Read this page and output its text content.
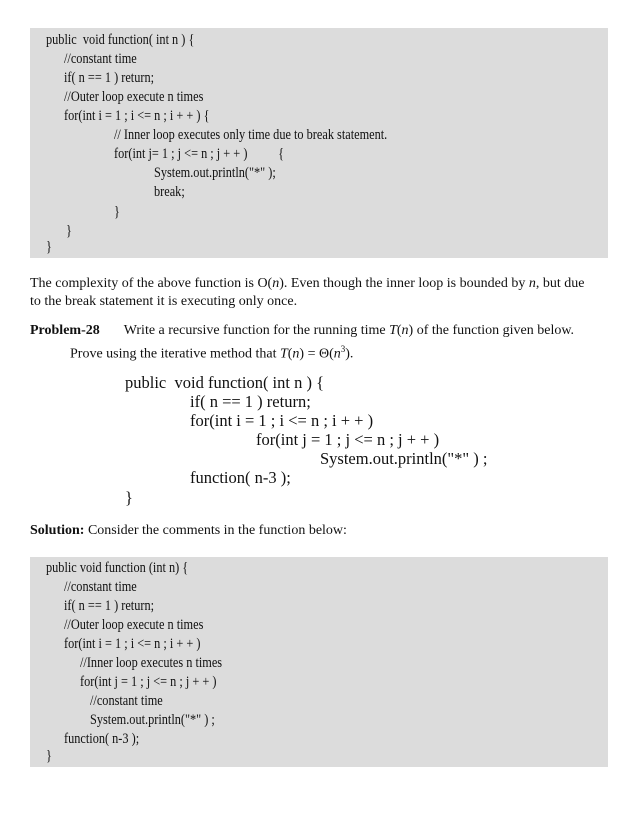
public  void function( int n ) {
//constant time
if( n == 1 ) return;
//Outer loop execute n times
for(int i = 1 ; i <= n ; i + + ) {
// Inner loop executes only time due to break statement.
for(int j= 1 ; j <= n ; j + + )          {
System.out.println("*" );
break;
}
}
}
The complexity of the above function is O(n). Even though the inner loop is bounded by n, but due
to the break statement it is executing only once.
Problem-28 Write a recursive function for the running time T(n) of the function given below.
Prove using the iterative method that $T(n) = \Theta(n^3)$.
public  void function( int n ) {
if( n == 1 ) return;
for(int i = 1 ; i <= n ; i + + )
for(int j = 1 ; j <= n ; j + + )
System.out.println("*" ) ;
function( n-3 );
}
Solution: Consider the comments in the function below:
public void function (int n) {
//constant time
if( n == 1 ) return;
//Outer loop execute n times
for(int i = 1 ; i <= n ; i + + )
//Inner loop executes n times
for(int j = 1 ; j <= n ; j + + )
//constant time
System.out.println("*" ) ;
function( n-3 );
}
